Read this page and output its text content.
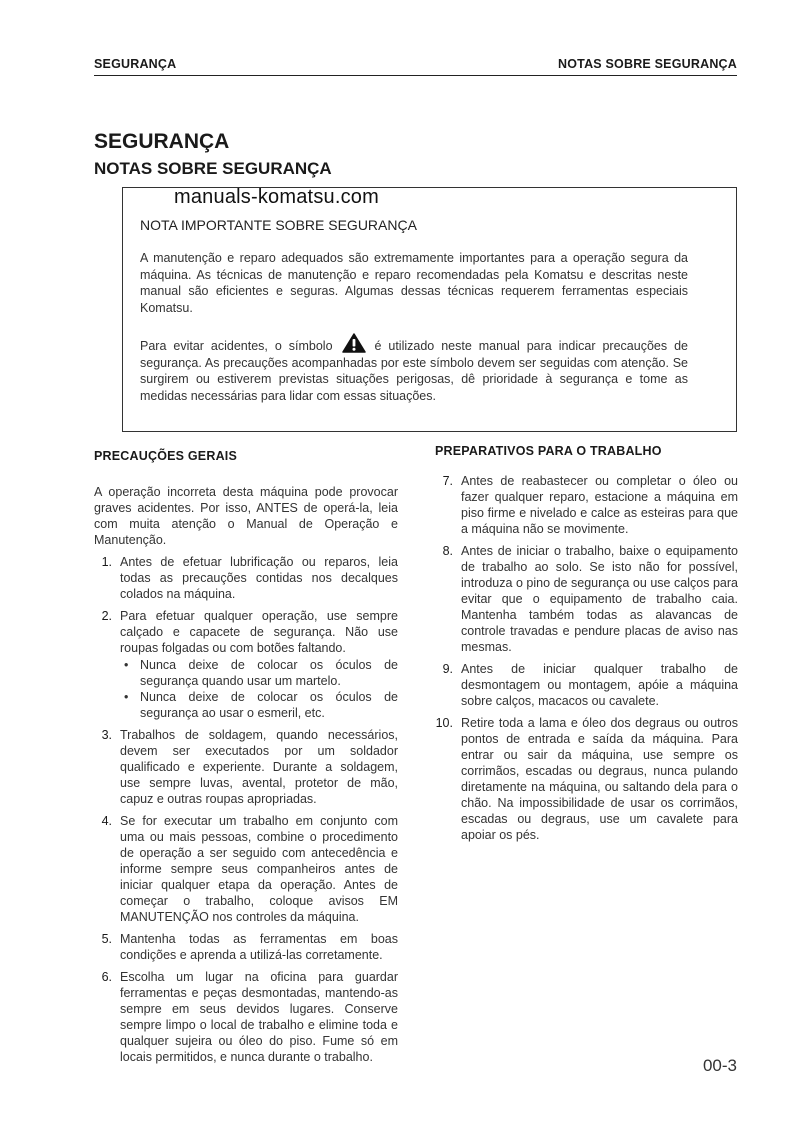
SEGURANÇA	NOTAS SOBRE SEGURANÇA
SEGURANÇA
NOTAS SOBRE SEGURANÇA
manuals-komatsu.com
NOTA IMPORTANTE SOBRE SEGURANÇA
A manutenção e reparo adequados são extremamente importantes para a operação segura da máquina. As técnicas de manutenção e reparo recomendadas pela Komatsu e descritas neste manual são eficientes e seguras. Algumas dessas técnicas requerem ferramentas especiais Komatsu.
Para evitar acidentes, o símbolo	é utilizado neste manual para indicar precauções de segurança. As precauções acompanhadas por este símbolo devem ser seguidas com atenção. Se surgirem ou estiverem previstas situações perigosas, dê prioridade à segurança e tome as medidas necessárias para lidar com essas situações.
PRECAUÇÕES GERAIS
A operação incorreta desta máquina pode provocar graves acidentes. Por isso, ANTES de operá-la, leia com muita atenção o Manual de Operação e Manutenção.
1. Antes de efetuar lubrificação ou reparos, leia todas as precauções contidas nos decalques colados na máquina.
2. Para efetuar qualquer operação, use sempre calçado e capacete de segurança. Não use roupas folgadas ou com botões faltando.
• Nunca deixe de colocar os óculos de segurança quando usar um martelo.
• Nunca deixe de colocar os óculos de segurança ao usar o esmeril, etc.
3. Trabalhos de soldagem, quando necessários, devem ser executados por um soldador qualificado e experiente. Durante a soldagem, use sempre luvas, avental, protetor de mão, capuz e outras roupas apropriadas.
4. Se for executar um trabalho em conjunto com uma ou mais pessoas, combine o procedimento de operação a ser seguido com antecedência e informe sempre seus companheiros antes de iniciar qualquer etapa da operação. Antes de começar o trabalho, coloque avisos EM MANUTENÇÃO nos controles da máquina.
5. Mantenha todas as ferramentas em boas condições e aprenda a utilizá-las corretamente.
6. Escolha um lugar na oficina para guardar ferramentas e peças desmontadas, mantendo-as sempre em seus devidos lugares. Conserve sempre limpo o local de trabalho e elimine toda e qualquer sujeira ou óleo do piso. Fume só em locais permitidos, e nunca durante o trabalho.
PREPARATIVOS PARA O TRABALHO
7. Antes de reabastecer ou completar o óleo ou fazer qualquer reparo, estacione a máquina em piso firme e nivelado e calce as esteiras para que a máquina não se movimente.
8. Antes de iniciar o trabalho, baixe o equipamento de trabalho ao solo. Se isto não for possível, introduza o pino de segurança ou use calços para evitar que o equipamento de trabalho caia. Mantenha também todas as alavancas de controle travadas e pendure placas de aviso nas mesmas.
9. Antes de iniciar qualquer trabalho de desmontagem ou montagem, apóie a máquina sobre calços, macacos ou cavalete.
10. Retire toda a lama e óleo dos degraus ou outros pontos de entrada e saída da máquina. Para entrar ou sair da máquina, use sempre os corrimãos, escadas ou degraus, nunca pulando diretamente na máquina, ou saltando dela para o chão. Na impossibilidade de usar os corrimãos, escadas ou degraus, use um cavalete para apoiar os pés.
00-3
